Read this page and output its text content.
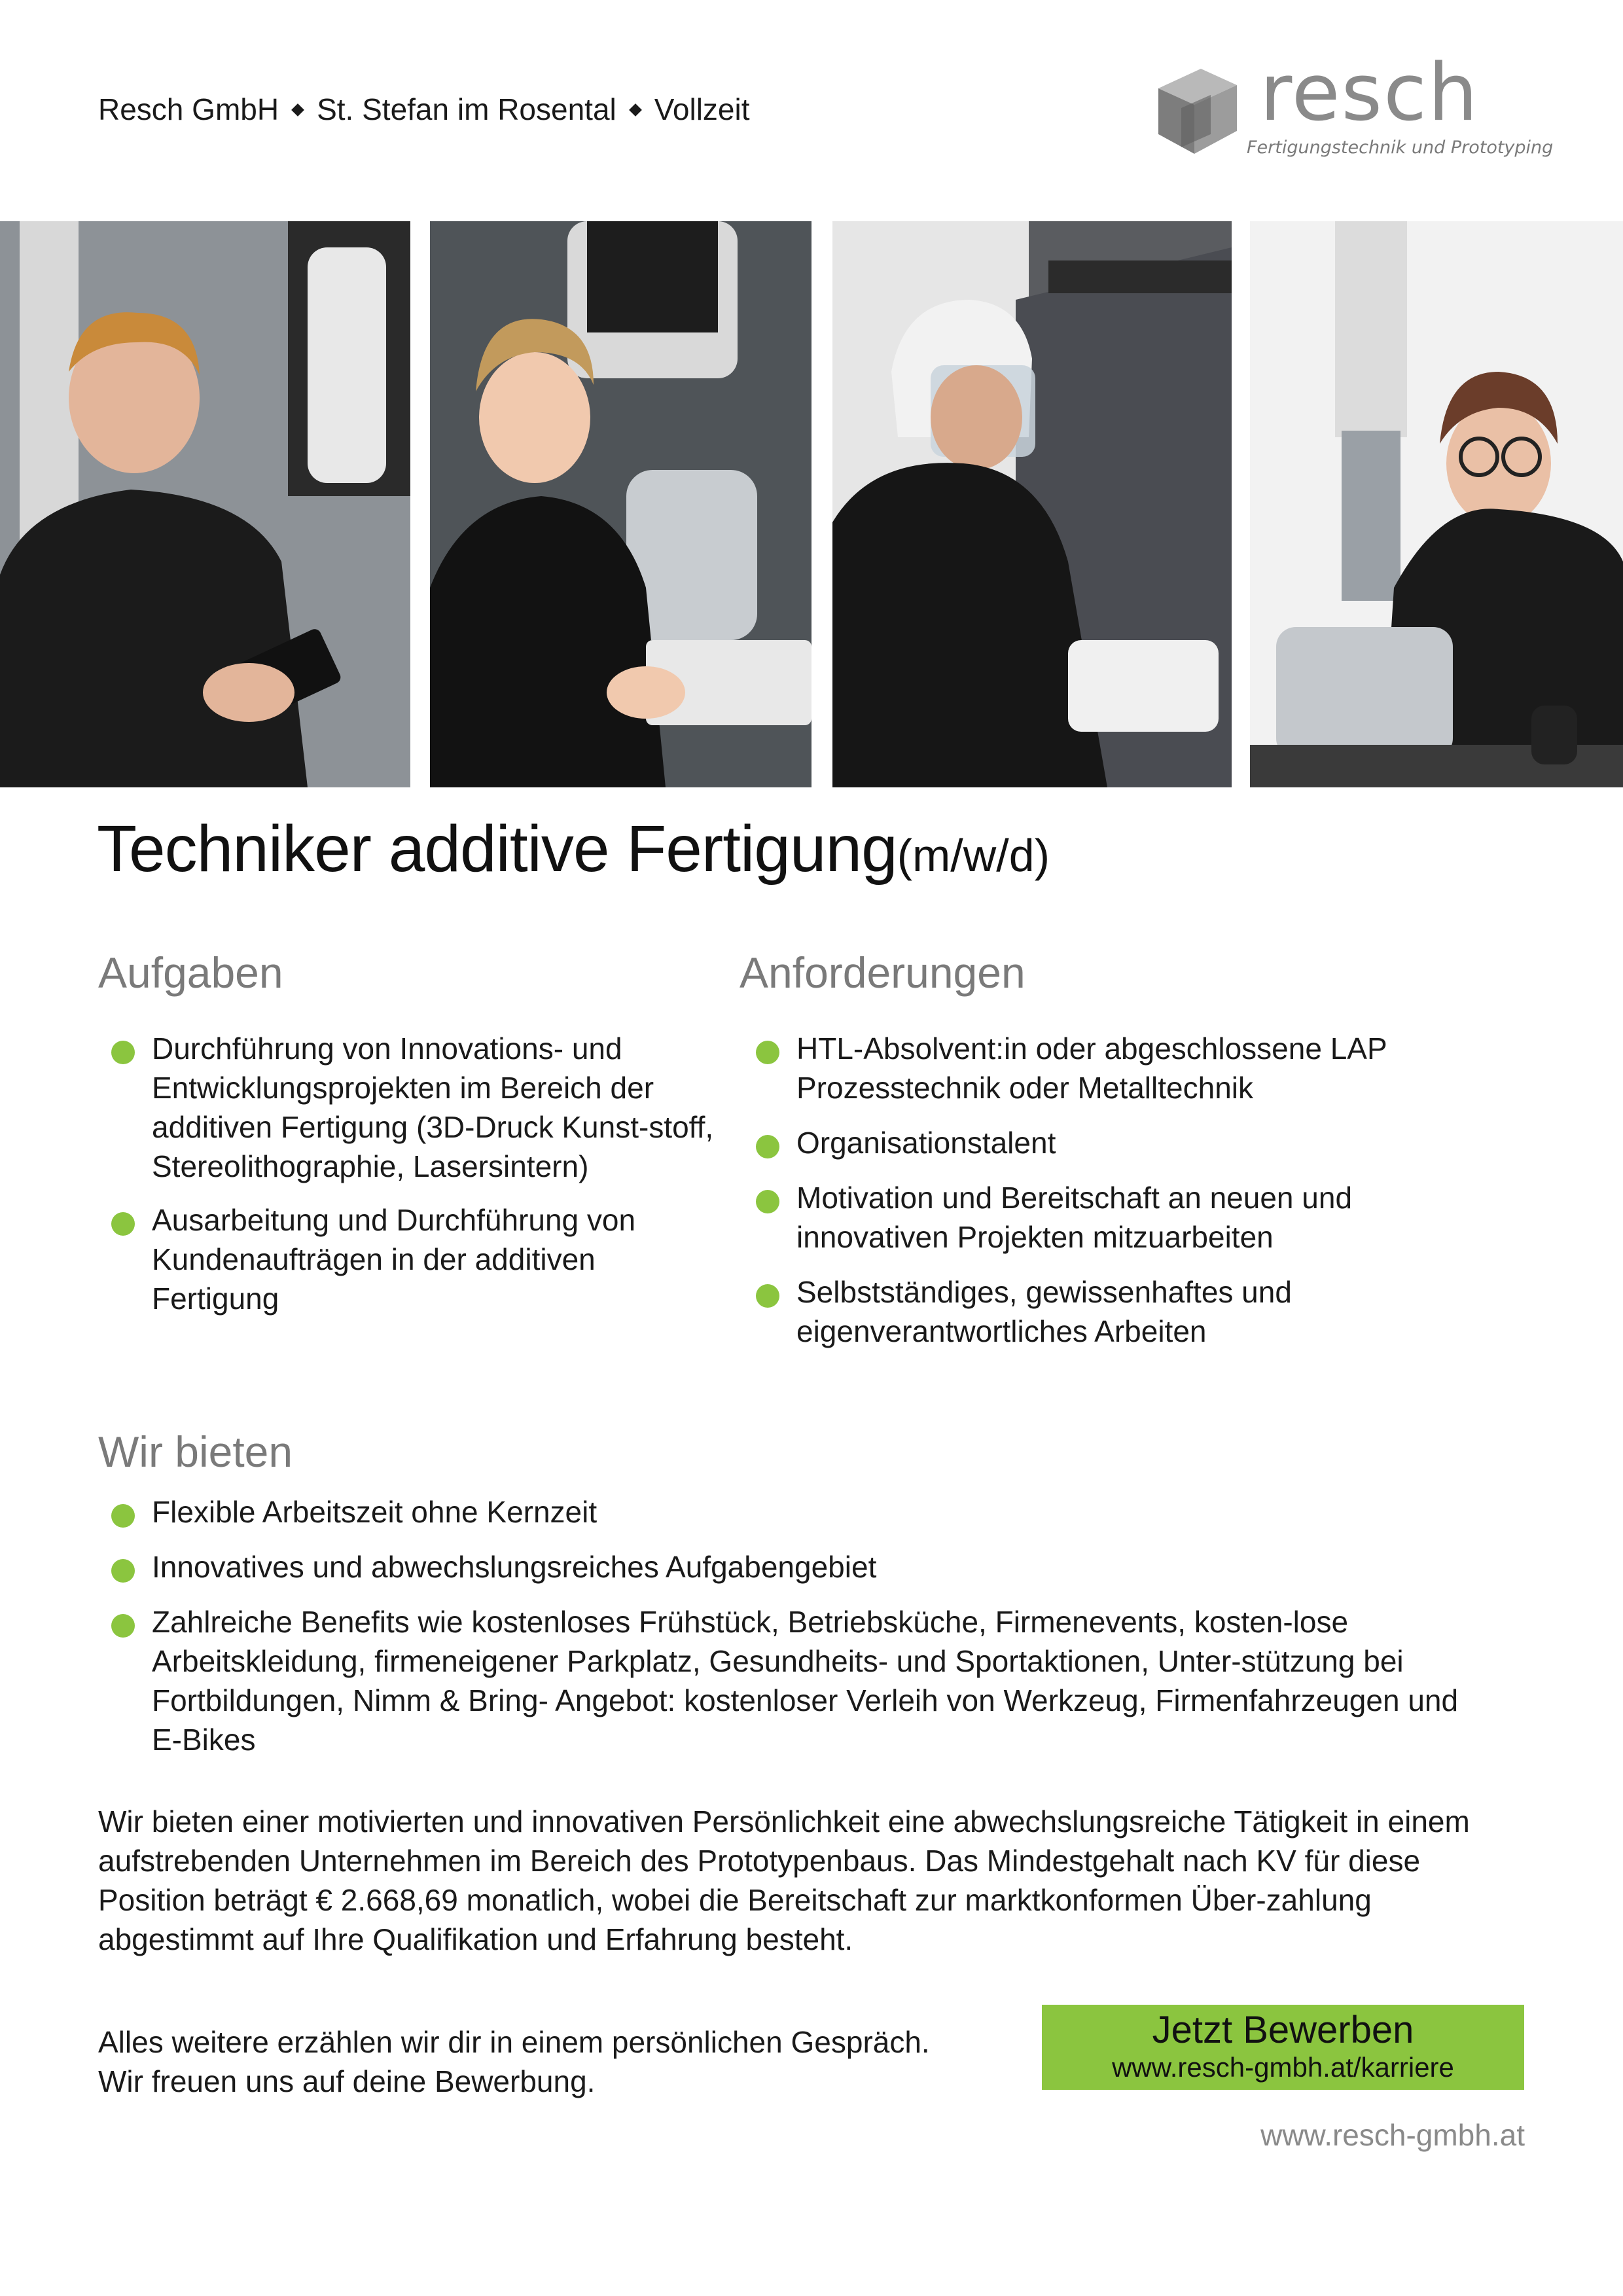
Resch GmbH St. Stefan im Rosental Vollzeit	resch
Fertigungstechnik und Prototyping
Techniker additive Fertigung(m/w/d)
Aufgaben
Durchführung von Innovations- und Entwicklungsprojekten im Bereich der additiven Fertigung (3D-Druck Kunst-stoff, Stereolithographie, Lasersintern)
Ausarbeitung und Durchführung von Kundenaufträgen in der additiven Fertigung
Anforderungen
HTL-Absolvent:in oder abgeschlossene LAP Prozesstechnik oder Metalltechnik
Organisationstalent
Motivation und Bereitschaft an neuen und innovativen Projekten mitzuarbeiten
Selbstständiges, gewissenhaftes und eigenverantwortliches Arbeiten
Wir bieten
Flexible Arbeitszeit ohne Kernzeit
Innovatives und abwechslungsreiches Aufgabengebiet
Zahlreiche Benefits wie kostenloses Frühstück, Betriebsküche, Firmenevents, kosten-lose Arbeitskleidung, firmeneigener Parkplatz, Gesundheits- und Sportaktionen, Unter-stützung bei Fortbildungen, Nimm & Bring- Angebot: kostenloser Verleih von Werkzeug, Firmenfahrzeugen und E-Bikes

Wir bieten einer motivierten und innovativen Persönlichkeit eine abwechslungsreiche Tätigkeit in einem aufstrebenden Unternehmen im Bereich des Prototypenbaus. Das Mindestgehalt nach KV für diese Position beträgt € 2.668,69 monatlich, wobei die Bereitschaft zur marktkonformen Über-zahlung abgestimmt auf Ihre Qualifikation und Erfahrung besteht.

Alles weitere erzählen wir dir in einem persönlichen Gespräch.
Wir freuen uns auf deine Bewerbung.
Jetzt Bewerben
www.resch-gmbh.at/karriere
www.resch-gmbh.at
